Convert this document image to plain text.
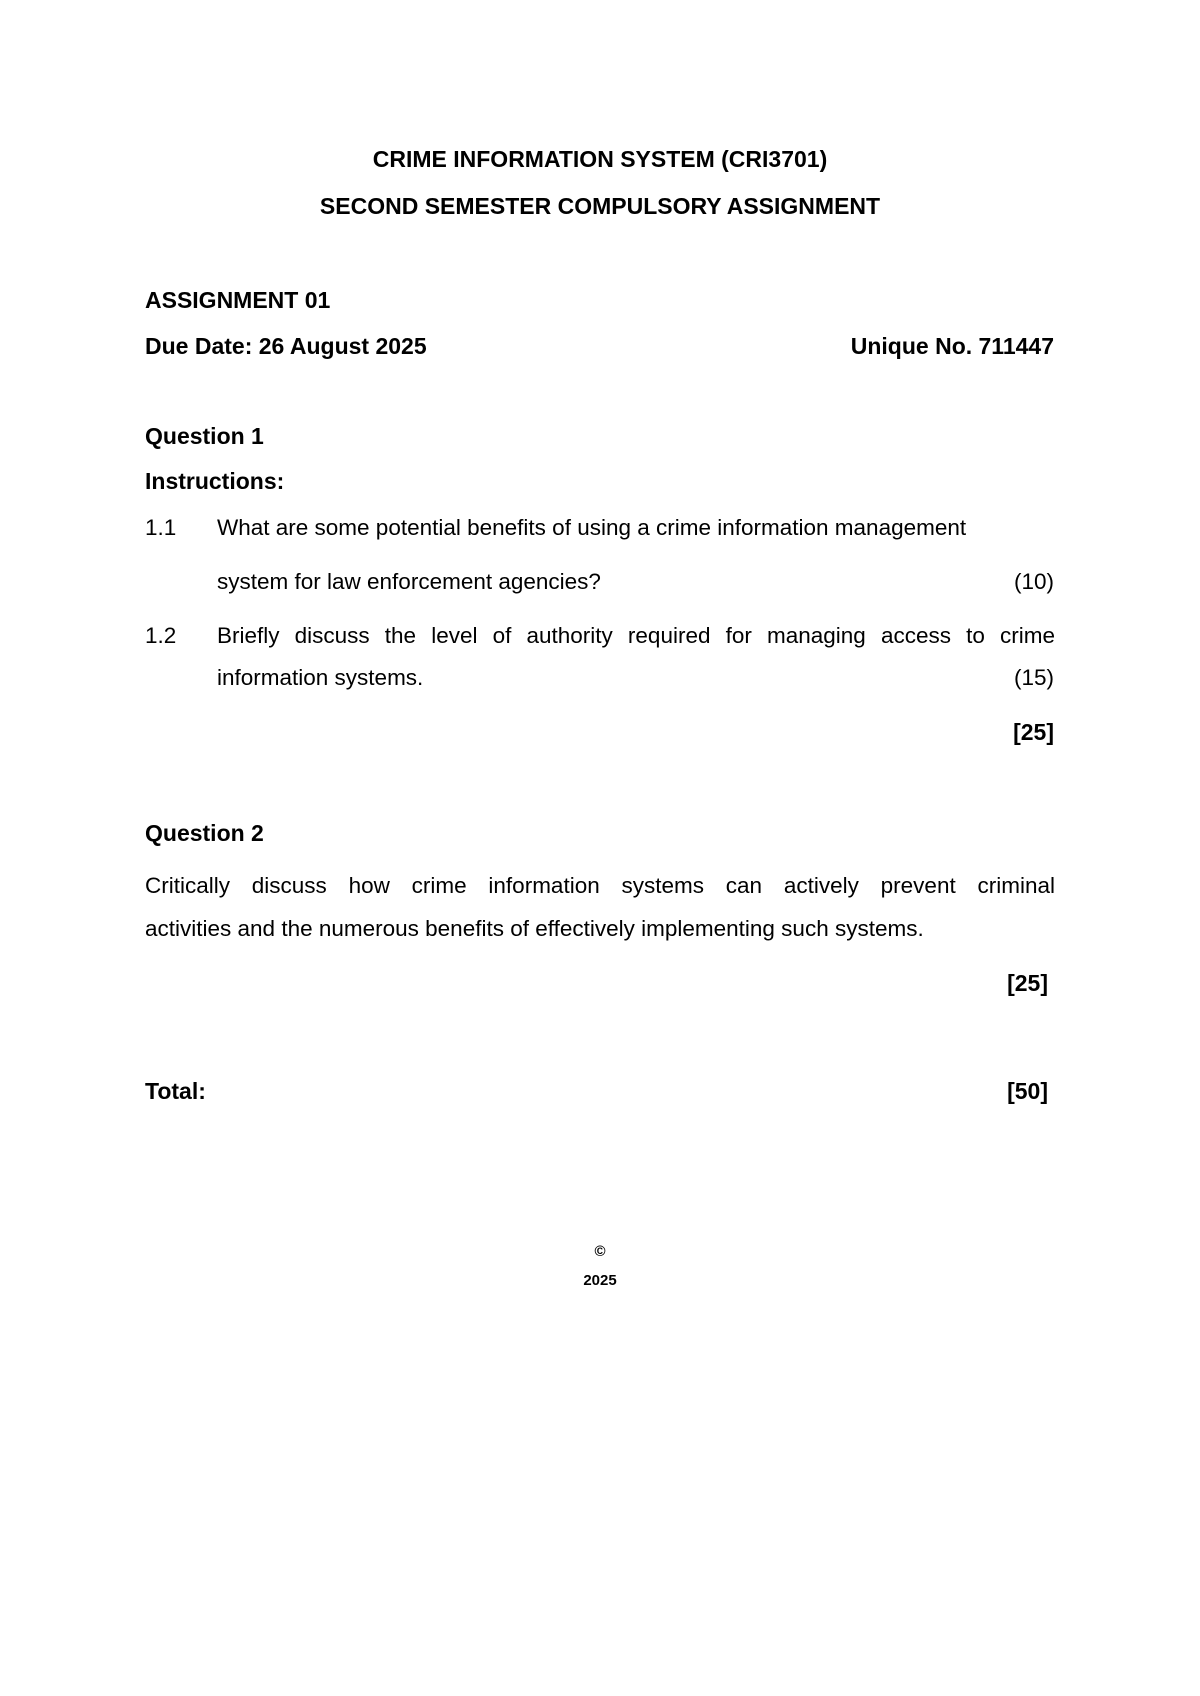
CRIME INFORMATION SYSTEM (CRI3701)
SECOND SEMESTER COMPULSORY ASSIGNMENT
ASSIGNMENT 01
Due Date: 26 August 2025	Unique No. 711447
Question 1
Instructions:
1.1 What are some potential benefits of using a crime information management
system for law enforcement agencies?	(10)
1.2 Briefly discuss the level of authority required for managing access to crime
information systems.	(15)
[25]
Question 2
Critically discuss how crime information systems can actively prevent criminal
activities and the numerous benefits of effectively implementing such systems.
[25]
Total:	[50]
©
2025
